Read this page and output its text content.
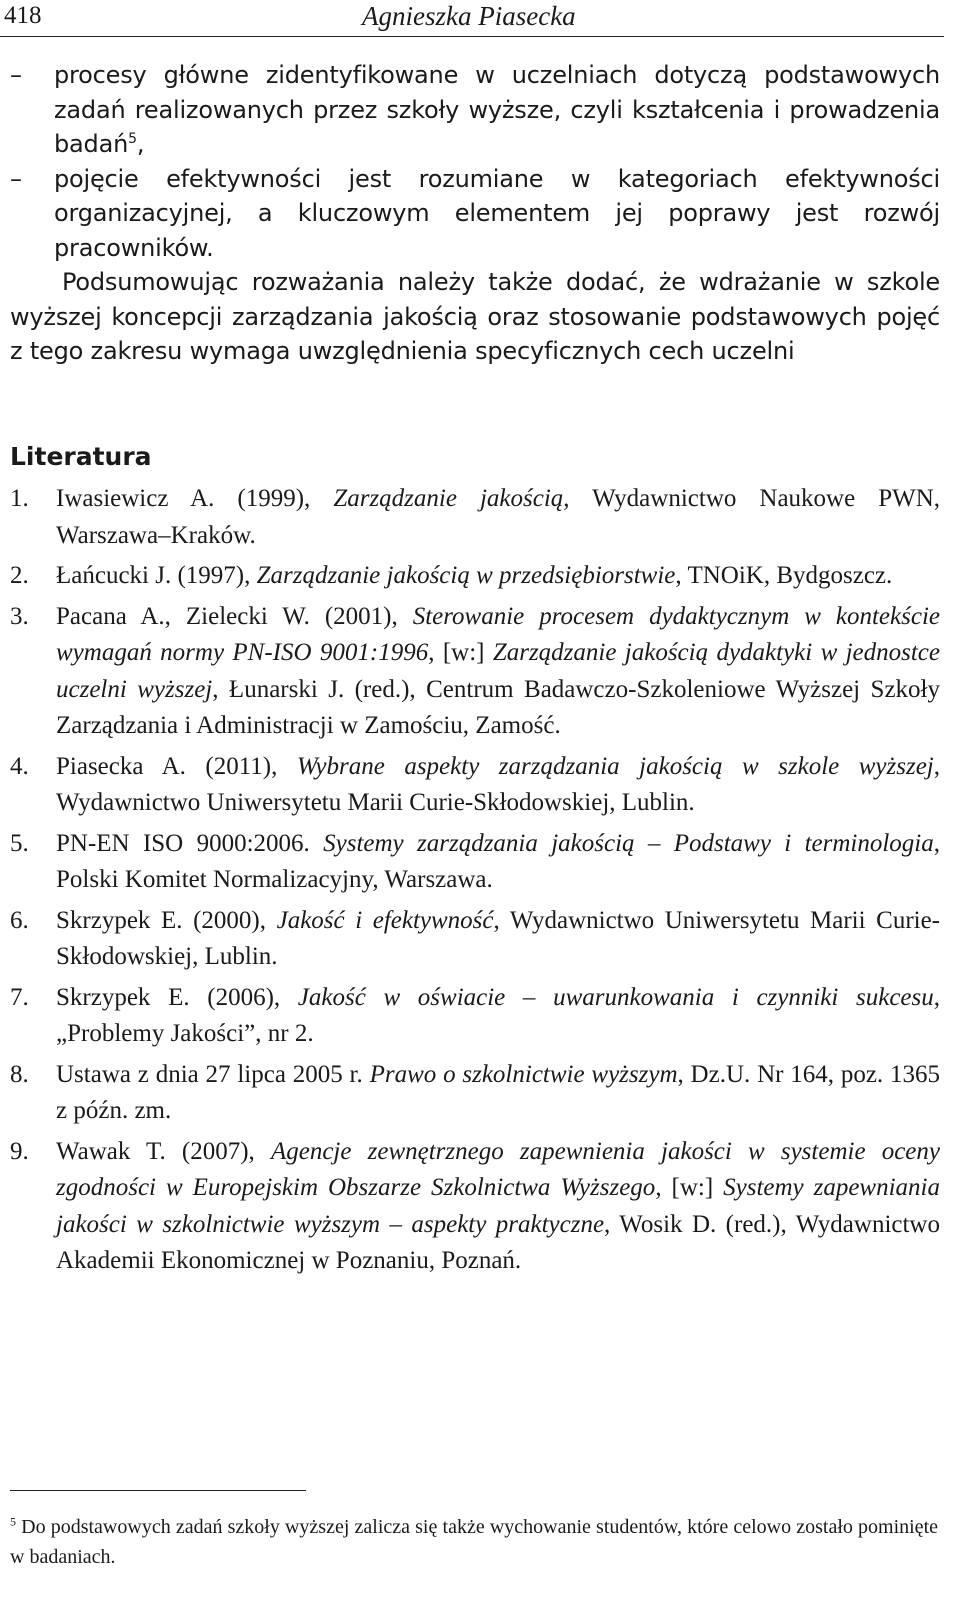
418	Agnieszka Piasecka
– procesy główne zidentyfikowane w uczelniach dotyczą podstawowych zadań realizowanych przez szkoły wyższe, czyli kształcenia i prowadzenia badań$^5$,
– pojęcie efektywności jest rozumiane w kategoriach efektywności organizacyjnej, a kluczowym elementem jej poprawy jest rozwój pracowników.

Podsumowując rozważania należy także dodać, że wdrażanie w szkole wyższej koncepcji zarządzania jakością oraz stosowanie podstawowych pojęć z tego zakresu wymaga uwzględnienia specyficznych cech uczelni

Literatura
1. Iwasiewicz A. (1999), Zarządzanie jakością, Wydawnictwo Naukowe PWN, Warszawa–Kraków.
2. Łańcucki J. (1997), Zarządzanie jakością w przedsiębiorstwie, TNOiK, Bydgoszcz.
3. Pacana A., Zielecki W. (2001), Sterowanie procesem dydaktycznym w kontekście wymagań normy PN-ISO 9001:1996, [w:] Zarządzanie jakością dydaktyki w jednostce uczelni wyższej, Łunarski J. (red.), Centrum Badawczo-Szkoleniowe Wyższej Szkoły Zarządzania i Administracji w Zamościu, Zamość.
4. Piasecka A. (2011), Wybrane aspekty zarządzania jakością w szkole wyższej, Wydawnictwo Uniwersytetu Marii Curie-Skłodowskiej, Lublin.
5. PN-EN ISO 9000:2006. Systemy zarządzania jakością – Podstawy i terminologia, Polski Komitet Normalizacyjny, Warszawa.
6. Skrzypek E. (2000), Jakość i efektywność, Wydawnictwo Uniwersytetu Marii Curie-Skłodowskiej, Lublin.
7. Skrzypek E. (2006), Jakość w oświacie – uwarunkowania i czynniki sukcesu, „Problemy Jakości”, nr 2.
8. Ustawa z dnia 27 lipca 2005 r. Prawo o szkolnictwie wyższym, Dz.U. Nr 164, poz. 1365 z późn. zm.
9. Wawak T. (2007), Agencje zewnętrznego zapewnienia jakości w systemie oceny zgodności w Europejskim Obszarze Szkolnictwa Wyższego, [w:] Systemy zapewniania jakości w szkolnictwie wyższym – aspekty praktyczne, Wosik D. (red.), Wydawnictwo Akademii Ekonomicznej w Poznaniu, Poznań.
$^5$ Do podstawowych zadań szkoły wyższej zalicza się także wychowanie studentów, które celowo zostało pominięte w badaniach.
